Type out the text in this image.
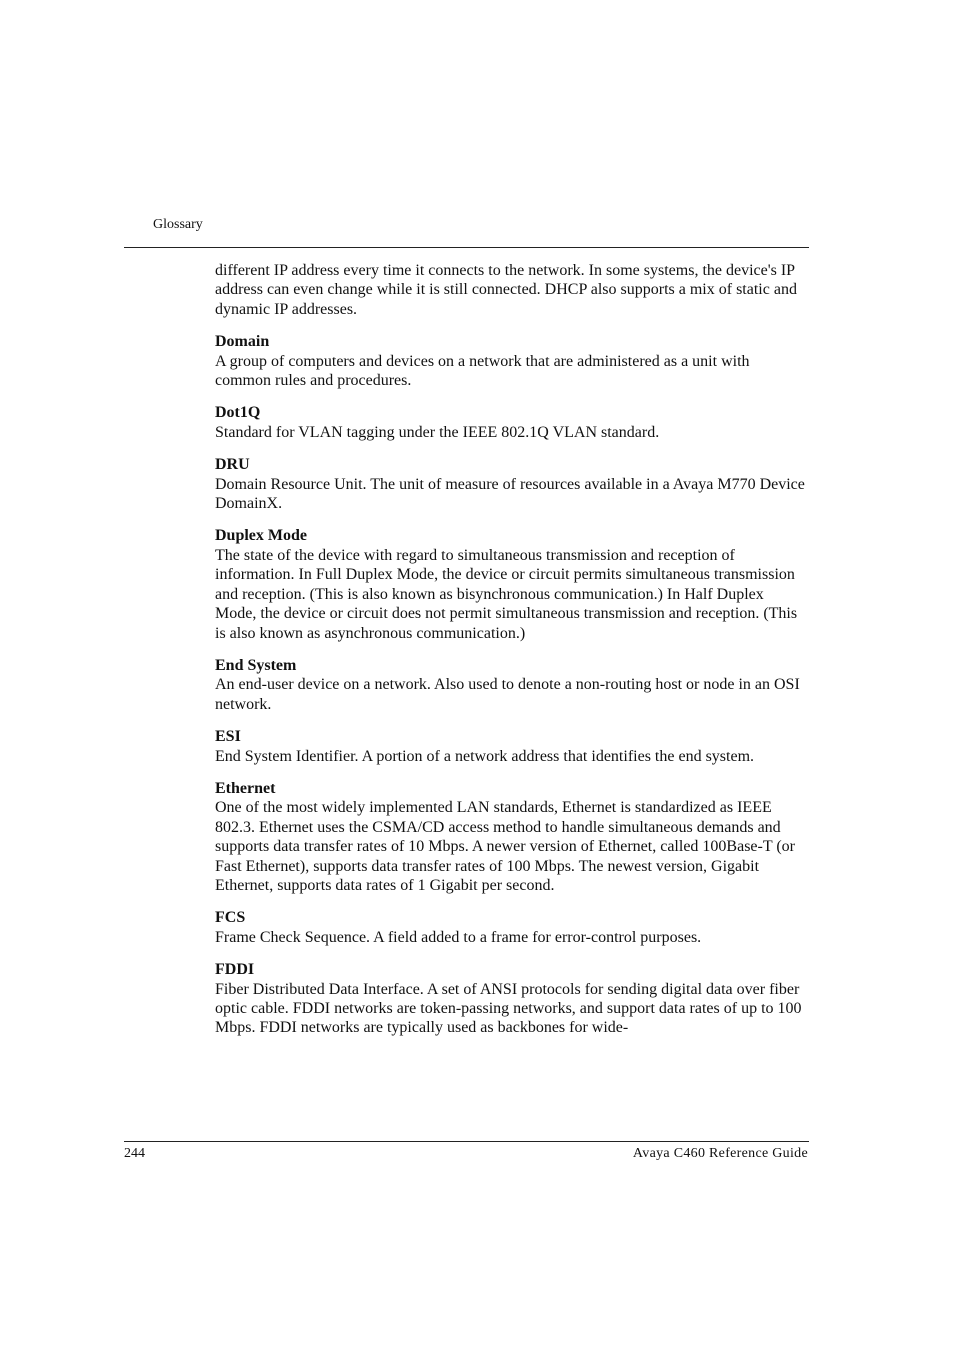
Glossary

different IP address every time it connects to the network. In some systems, the device's IP address can even change while it is still connected. DHCP also supports a mix of static and dynamic IP addresses.

Domain

A group of computers and devices on a network that are administered as a unit with common rules and procedures.

Dot1Q

Standard for VLAN tagging under the IEEE 802.1Q VLAN standard.

DRU

Domain Resource Unit. The unit of measure of resources available in a Avaya M770 Device DomainX.

Duplex Mode

The state of the device with regard to simultaneous transmission and reception of information. In Full Duplex Mode, the device or circuit permits simultaneous transmission and reception. (This is also known as bisynchronous communication.) In Half Duplex Mode, the device or circuit does not permit simultaneous transmission and reception. (This is also known as asynchronous communication.)

End System

An end-user device on a network. Also used to denote a non-routing host or node in an OSI network.

ESI

End System Identifier. A portion of a network address that identifies the end system.

Ethernet

One of the most widely implemented LAN standards, Ethernet is standardized as IEEE 802.3. Ethernet uses the CSMA/CD access method to handle simultaneous demands and supports data transfer rates of 10 Mbps. A newer version of Ethernet, called 100Base-T (or Fast Ethernet), supports data transfer rates of 100 Mbps. The newest version, Gigabit Ethernet, supports data rates of 1 Gigabit per second.

FCS

Frame Check Sequence. A field added to a frame for error-control purposes.

FDDI

Fiber Distributed Data Interface. A set of ANSI protocols for sending digital data over fiber optic cable. FDDI networks are token-passing networks, and support data rates of up to 100 Mbps. FDDI networks are typically used as backbones for wide-

244	Avaya C460 Reference Guide
